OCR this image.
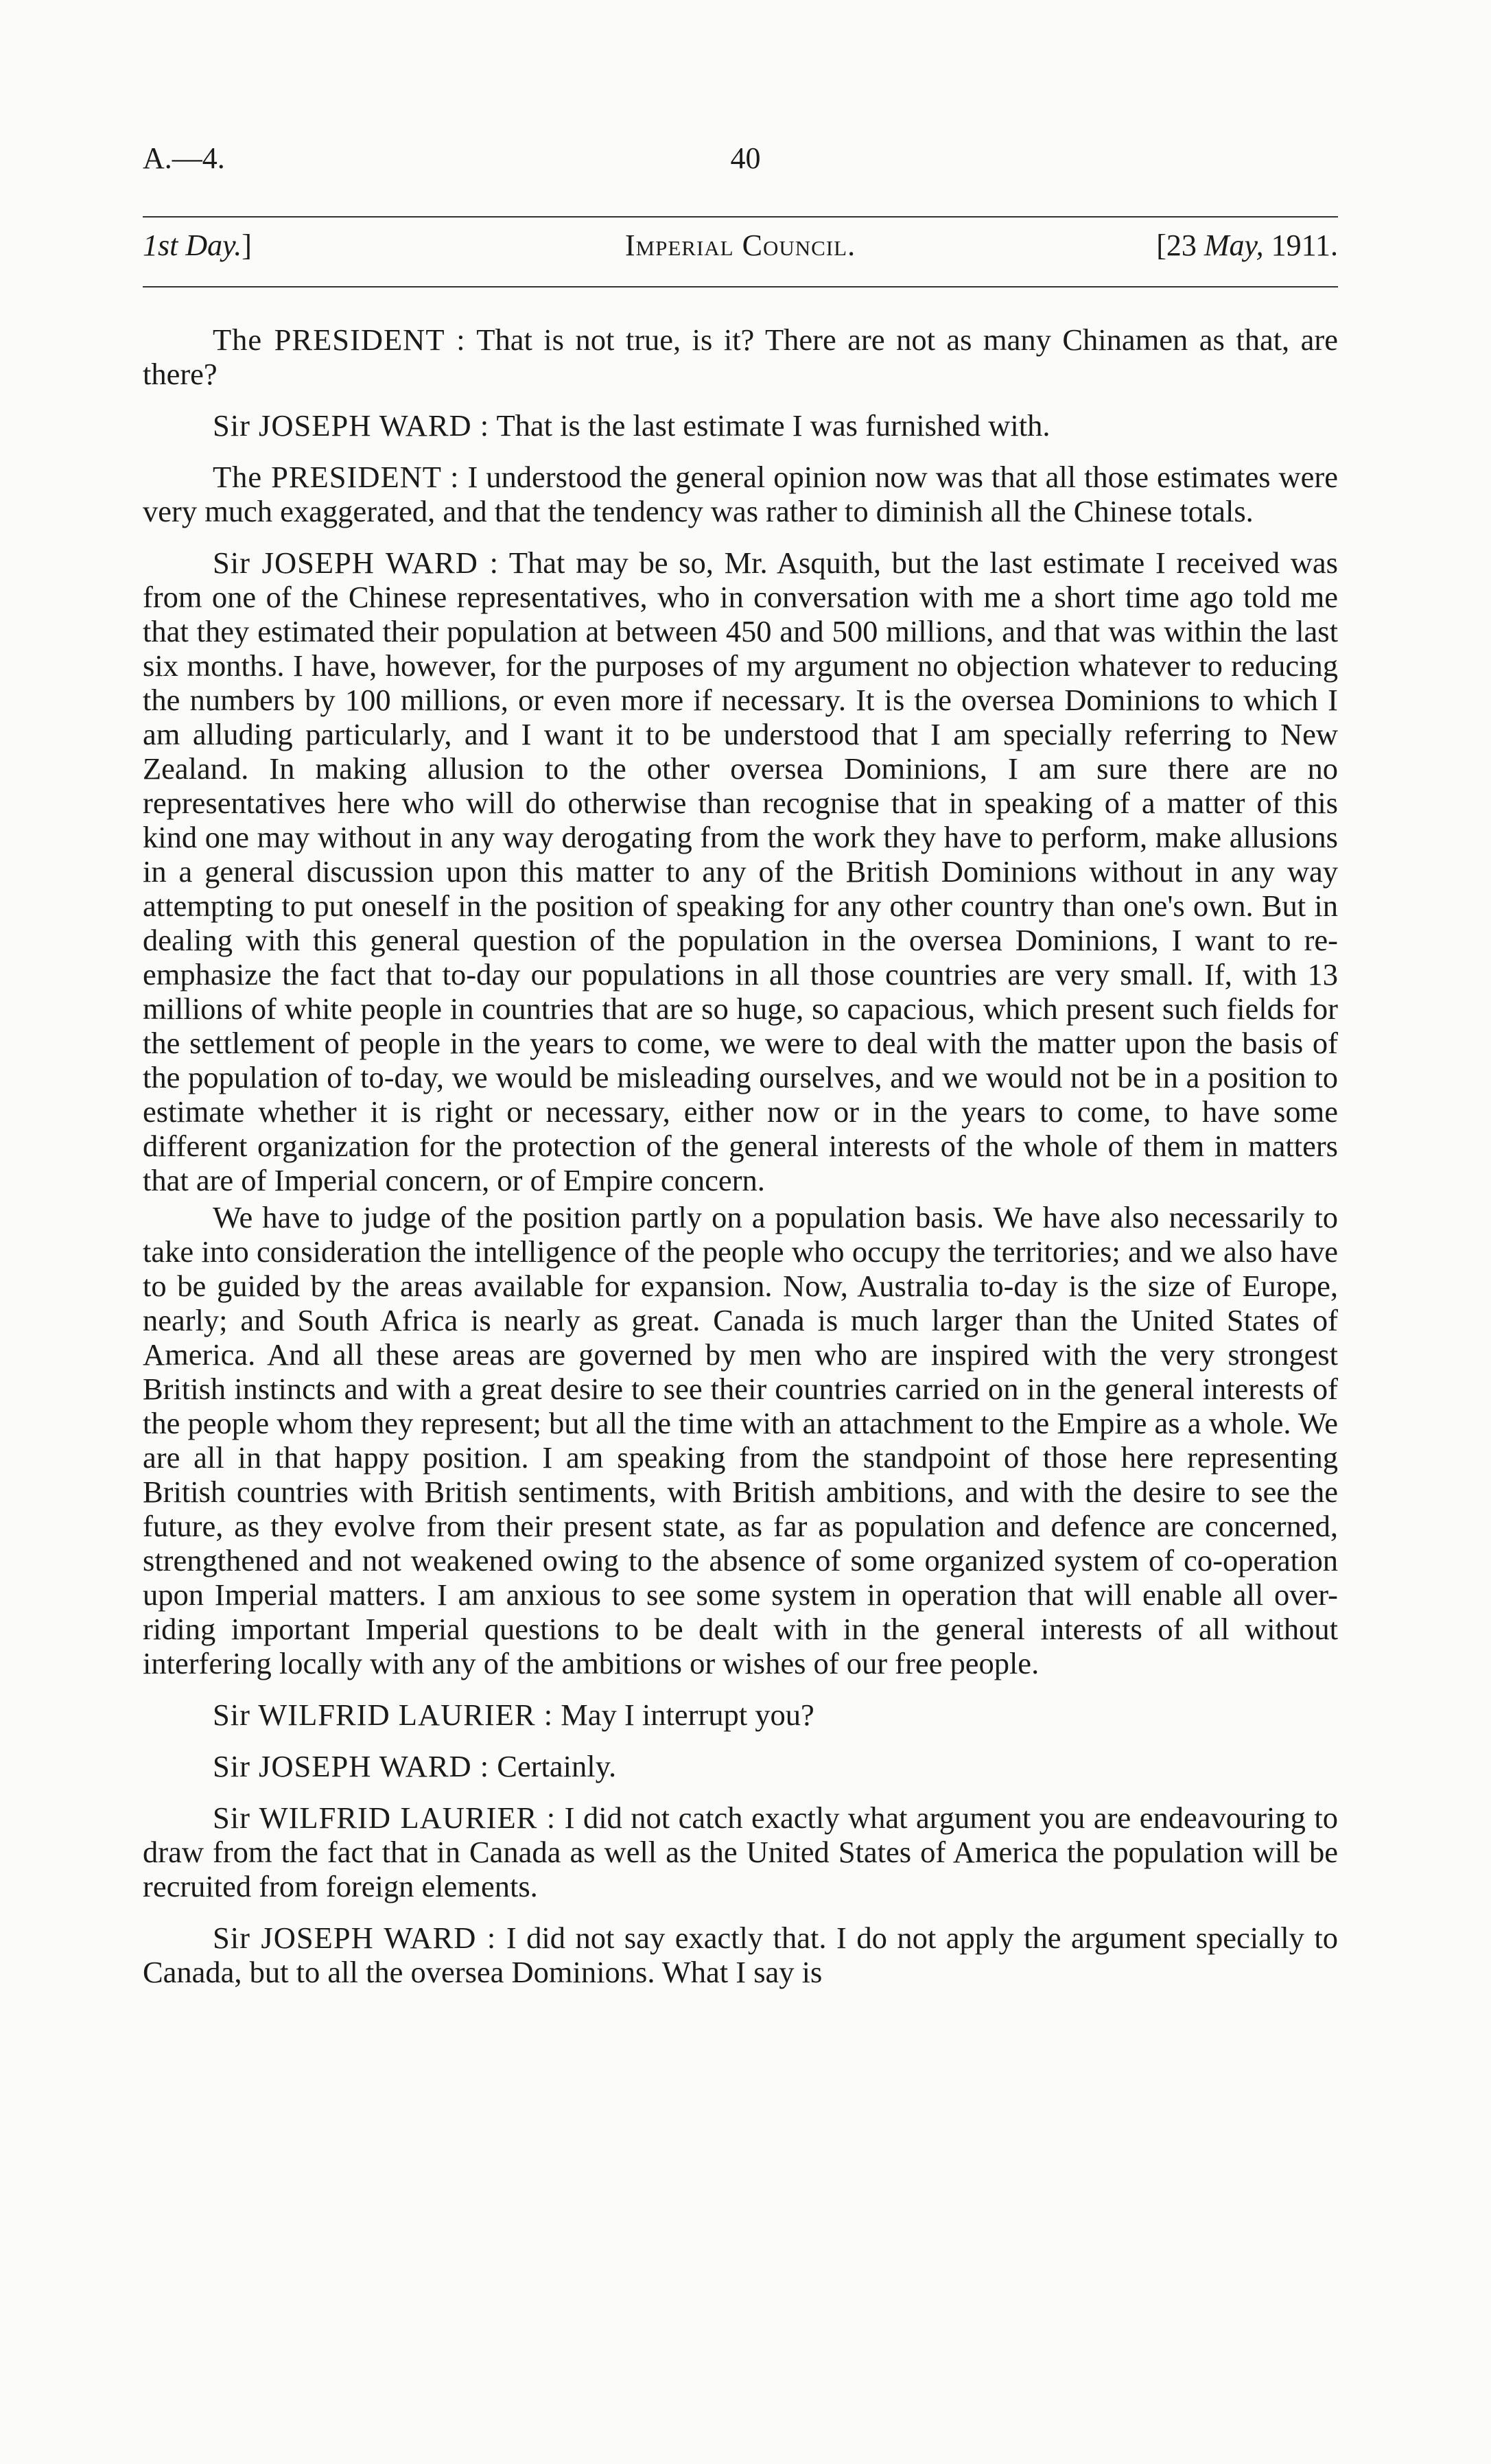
A.—4.	40
1st Day.]	Imperial Council.	[23 May, 1911.

The PRESIDENT : That is not true, is it? There are not as many Chinamen as that, are there?

Sir JOSEPH WARD : That is the last estimate I was furnished with.

The PRESIDENT : I understood the general opinion now was that all those estimates were very much exaggerated, and that the tendency was rather to diminish all the Chinese totals.

Sir JOSEPH WARD : That may be so, Mr. Asquith, but the last estimate I received was from one of the Chinese representatives, who in conversation with me a short time ago told me that they estimated their population at between 450 and 500 millions, and that was within the last six months. I have, however, for the purposes of my argument no objection whatever to reducing the numbers by 100 millions, or even more if necessary. It is the oversea Dominions to which I am alluding particularly, and I want it to be understood that I am specially referring to New Zealand. In making allusion to the other oversea Dominions, I am sure there are no representatives here who will do otherwise than recognise that in speaking of a matter of this kind one may without in any way derogating from the work they have to perform, make allusions in a general discussion upon this matter to any of the British Dominions without in any way attempting to put oneself in the position of speaking for any other country than one's own. But in dealing with this general question of the population in the oversea Dominions, I want to re-emphasize the fact that to-day our populations in all those countries are very small. If, with 13 millions of white people in countries that are so huge, so capacious, which present such fields for the settlement of people in the years to come, we were to deal with the matter upon the basis of the population of to-day, we would be misleading ourselves, and we would not be in a position to estimate whether it is right or necessary, either now or in the years to come, to have some different organization for the protection of the general interests of the whole of them in matters that are of Imperial concern, or of Empire concern.

We have to judge of the position partly on a population basis. We have also necessarily to take into consideration the intelligence of the people who occupy the territories; and we also have to be guided by the areas available for expansion. Now, Australia to-day is the size of Europe, nearly; and South Africa is nearly as great. Canada is much larger than the United States of America. And all these areas are governed by men who are inspired with the very strongest British instincts and with a great desire to see their countries carried on in the general interests of the people whom they represent; but all the time with an attachment to the Empire as a whole. We are all in that happy position. I am speaking from the standpoint of those here representing British countries with British sentiments, with British ambitions, and with the desire to see the future, as they evolve from their present state, as far as population and defence are concerned, strengthened and not weakened owing to the absence of some organized system of co-operation upon Imperial matters. I am anxious to see some system in operation that will enable all over-riding important Imperial questions to be dealt with in the general interests of all without interfering locally with any of the ambitions or wishes of our free people.

Sir WILFRID LAURIER : May I interrupt you?

Sir JOSEPH WARD : Certainly.

Sir WILFRID LAURIER : I did not catch exactly what argument you are endeavouring to draw from the fact that in Canada as well as the United States of America the population will be recruited from foreign elements.

Sir JOSEPH WARD : I did not say exactly that. I do not apply the argument specially to Canada, but to all the oversea Dominions. What I say is
